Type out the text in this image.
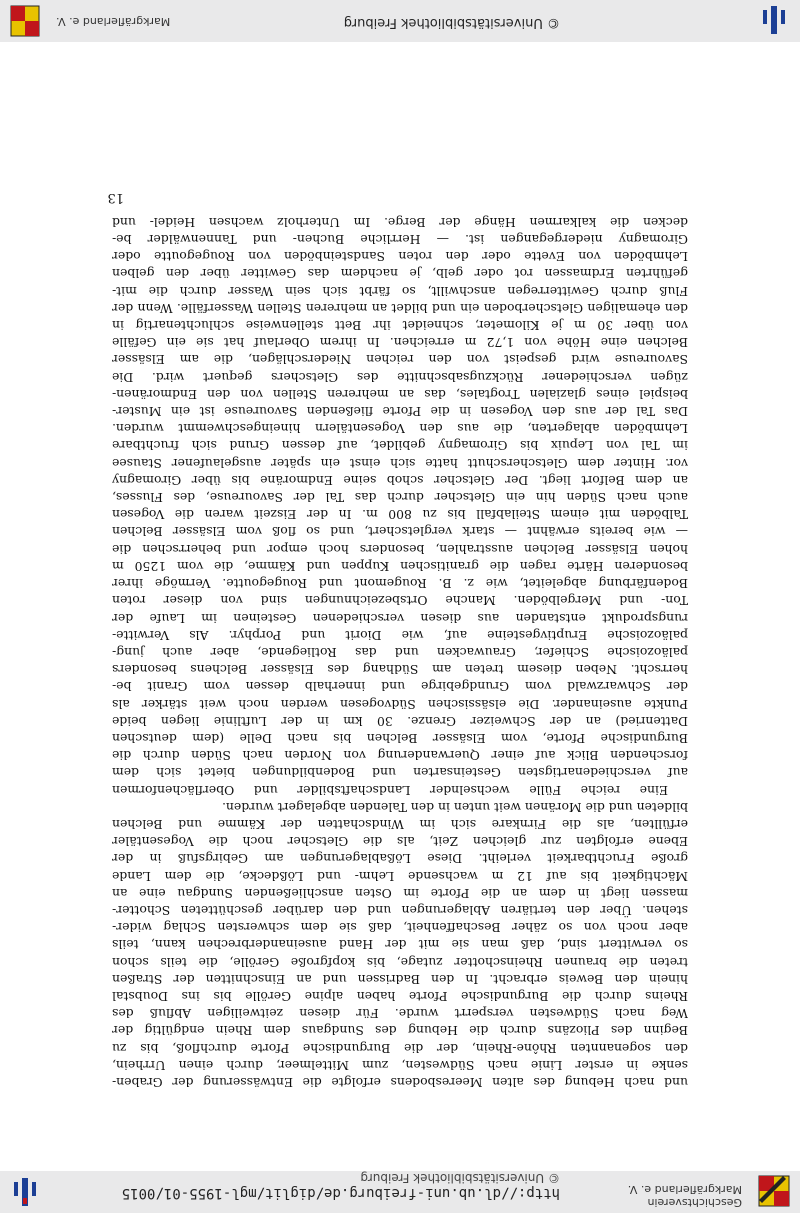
Geschichtsverein
Markgräflerland e. V.
http://dl.ub.uni-freiburg.de/diglit/mgl-1955-01/0015
© Universitätsbibliothek Freiburg

und nach Hebung des alten Meeresbodens erfolgte die Entwässerung der Graben-
senke in erster Linie nach Südwesten, zum Mittelmeer, durch einen Urrhein,
den sogenannten Rhône-Rhein, der die Burgundische Pforte durchfloß, bis zu
Beginn des Pliozäns durch die Hebung des Sundgaus dem Rhein endgültig der
Weg nach Südwesten versperrt wurde. Für diesen zeitweiligen Abfluß des
Rheins durch die Burgundische Pforte haben alpine Gerölle bis ins Doubstal
hinein den Beweis erbracht. In den Badrissen und an Einschnitten der Straßen
treten die braunen Rheinschotter zutage, bis kopfgroße Gerölle, die teils schon
so verwittert sind, daß man sie mit der Hand auseinanderbrechen kann, teils
aber noch von so zäher Beschaffenheit, daß sie dem schwersten Schlag wider-
stehen. Über den tertiären Ablagerungen und den darüber geschütteten Schotter-
massen liegt in dem an die Pforte im Osten anschließenden Sundgau eine an
Mächtigkeit bis auf 12 m wachsende Lehm- und Lößdecke, die dem Lande
große Fruchtbarkeit verleiht. Diese Lößablagerungen am Gebirgsfuß in der
Ebene erfolgten zur gleichen Zeit, als die Gletscher noch die Vogesentäler
erfüllten, als die Firnkare sich im Windschatten der Kämme und Belchen
bildeten und die Moränen weit unten in den Talenden abgelagert wurden.

Eine reiche Fülle wechselnder Landschaftsbilder und Oberflächenformen
auf verschiedenartigsten Gesteinsarten und Bodenbildungen bietet sich dem
forschenden Blick auf einer Querwanderung von Norden nach Süden durch die
Burgundische Pforte, vom Elsässer Belchen bis nach Delle (dem deutschen
Dattenried) an der Schweizer Grenze. 30 km in der Luftlinie liegen beide
Punkte auseinander. Die elsässischen Südvogesen werden noch weit stärker als
der Schwarzwald vom Grundgebirge und innerhalb dessen vom Granit be-
herrscht. Neben diesem treten am Südhang des Elsässer Belchens besonders
paläozoische Schiefer, Grauwacken und das Rotliegende, aber auch jung-
paläozoische Eruptivgesteine auf, wie Diorit und Porphyr. Als Verwitte-
rungsprodukt entstanden aus diesen verschiedenen Gesteinen im Laufe der
Ton- und Mergelböden. Manche Ortsbezeichnungen sind von dieser roten
Bodenfärbung abgeleitet, wie z. B. Rougemont und Rougegoutte. Vermöge ihrer
besonderen Härte ragen die granitischen Kuppen und Kämme, die vom 1250 m
hohen Elsässer Belchen ausstrahlen, besonders hoch empor und beherrschen die
— wie bereits erwähnt — stark vergletschert, und so floß vom Elsässer Belchen
Talböden mit einem Steilabfall bis zu 800 m. In der Eiszeit waren die Vogesen
auch nach Süden hin ein Gletscher durch das Tal der Savoureuse, des Flusses,
an dem Belfort liegt. Der Gletscher schob seine Endmoräne bis über Giromagny
vor. Hinter dem Gletscherschutt hatte sich einst ein später ausgelaufener Stausee
im Tal von Lepuix bis Giromagny gebildet, auf dessen Grund sich fruchtbare
Lehmböden ablagerten, die aus den Vogesentälern hineingeschwemmt wurden.
Das Tal der aus den Vogesen in die Pforte fließenden Savoureuse ist ein Muster-
beispiel eines glazialen Trogtales, das an mehreren Stellen von den Endmoränen-
zügen verschiedener Rückzugsabschnitte des Gletschers gequert wird. Die
Savoureuse wird gespeist von den reichen Niederschlägen, die am Elsässer
Belchen eine Höhe von 1,72 m erreichen. In ihrem Oberlauf hat sie ein Gefälle
von über 30 m je Kilometer, schneidet ihr Bett stellenweise schluchtenartig in
den ehemaligen Gletscherboden ein und bildet an mehreren Stellen Wasserfälle. Wenn der
Fluß durch Gewitterregen anschwillt, so färbt sich sein Wasser durch die mit-
geführten Erdmassen rot oder gelb, je nachdem das Gewitter über den gelben
Lehmböden von Evette oder den roten Sandsteinböden von Rougegoutte oder
Giromagny niedergegangen ist. — Herrliche Buchen- und Tannenwälder be-
decken die kalkarmen Hänge der Berge. Im Unterholz wachsen Heidel- und

13
© Universitätsbibliothek Freiburg
Markgräflerland e. V.
